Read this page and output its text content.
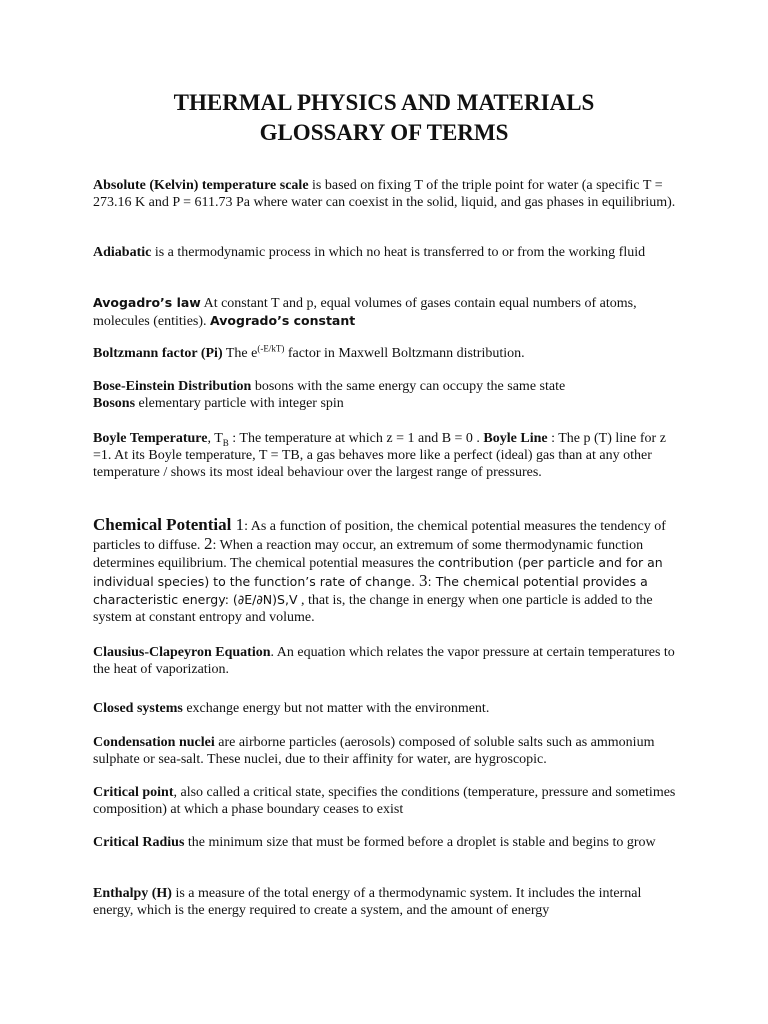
THERMAL PHYSICS AND MATERIALS
GLOSSARY OF TERMS
Absolute (Kelvin) temperature scale is based on fixing T of the triple point for water (a specific T = 273.16 K and P = 611.73 Pa where water can coexist in the solid, liquid, and gas phases in equilibrium).
Adiabatic is a thermodynamic process in which no heat is transferred to or from the working fluid
Avogadro’s law At constant T and p, equal volumes of gases contain equal numbers of atoms, molecules (entities). Avogrado’s constant
Boltzmann factor (Pi) The $e^{(-E/kT)}$ factor in Maxwell Boltzmann distribution.
Bose-Einstein Distribution bosons with the same energy can occupy the same state
Bosons elementary particle with integer spin
Boyle Temperature, $T_B$ : The temperature at which z = 1 and B = 0 . Boyle Line : The p (T) line for z =1. At its Boyle temperature, T = TB, a gas behaves more like a perfect (ideal) gas than at any other temperature / shows its most ideal behaviour over the largest range of pressures.
Chemical Potential 1: As a function of position, the chemical potential measures the tendency of particles to diffuse. 2: When a reaction may occur, an extremum of some thermodynamic function determines equilibrium. The chemical potential measures the contribution (per particle and for an individual species) to the function’s rate of change. 3: The chemical potential provides a characteristic energy: (∂E/∂N)S,V , that is, the change in energy when one particle is added to the system at constant entropy and volume.
Clausius-Clapeyron Equation. An equation which relates the vapor pressure at certain temperatures to the heat of vaporization.
Closed systems exchange energy but not matter with the environment.
Condensation nuclei are airborne particles (aerosols) composed of soluble salts such as ammonium sulphate or sea-salt. These nuclei, due to their affinity for water, are hygroscopic.
Critical point, also called a critical state, specifies the conditions (temperature, pressure and sometimes composition) at which a phase boundary ceases to exist
Critical Radius the minimum size that must be formed before a droplet is stable and begins to grow
Enthalpy (H) is a measure of the total energy of a thermodynamic system. It includes the internal energy, which is the energy required to create a system, and the amount of energy
